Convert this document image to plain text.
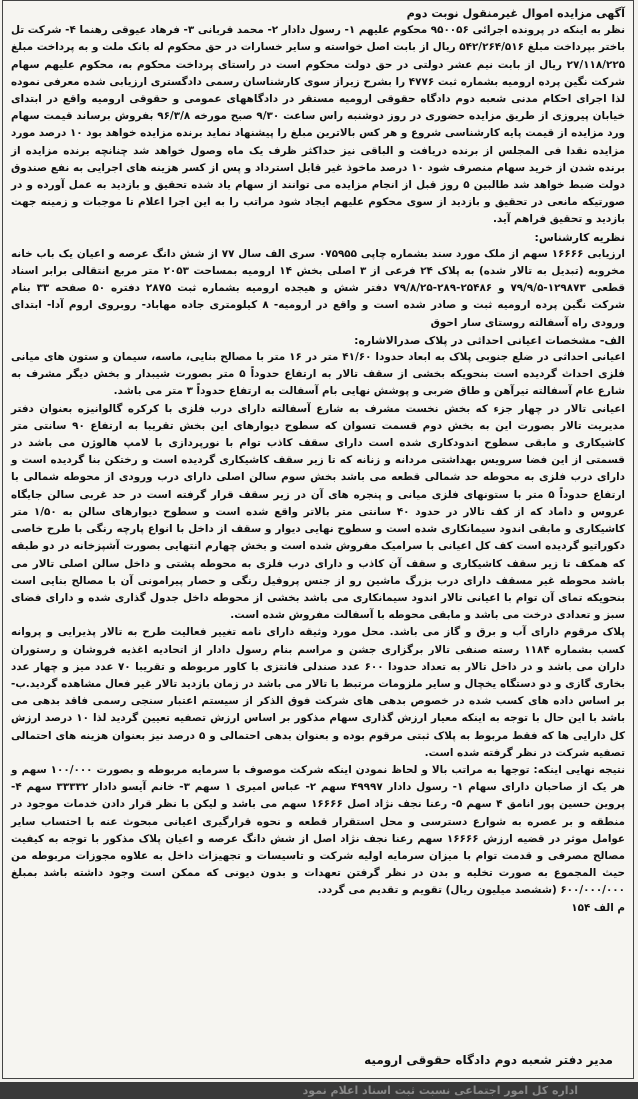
آگهی مزایده اموال غیرمنقول نوبت دوم

نظر به اینکه در پرونده اجرائی ۹۵۰۰۵۶ محکوم علیهم ۱- رسول دادار ۲- محمد قربانی ۳- فرهاد عیوقی رهنما ۴- شرکت تل باختر بپرداخت مبلغ ۵۴۲/۲۶۴/۵۱۶ ریال از بابت اصل خواسته و سایر خسارات در حق محکوم له بانک ملت و به پرداخت مبلغ ۲۷/۱۱۸/۲۲۵ ریال از بابت نیم عشر دولتی در حق دولت محکوم است در راستای پرداخت محکوم به، محکوم علیهم سهام شرکت نگین پرده ارومیه بشماره ثبت ۴۷۷۶ را بشرح زیراز سوی کارشناسان رسمی دادگستری ارزیابی شده معرفی نموده لذا اجرای احکام مدنی شعبه دوم دادگاه حقوقی ارومیه مستقر در دادگاههای عمومی و حقوقی ارومیه واقع در ابتدای خیابان پیروزی از طریق مزایده حضوری در روز دوشنبه راس ساعت ۹/۳۰ صبح مورخه ۹۶/۳/۸ بفروش برساند قیمت سهام ورد مزایده از قیمت پایه کارشناسی شروع و هر کس بالاترین مبلغ را پیشنهاد نماید برنده مزایده خواهد بود ۱۰ درصد مورد مزایده نقدا فی المجلس از برنده دریافت و الباقی نیز حداکثر ظرف یک ماه وصول خواهد شد چنانچه برنده مزایده از برنده شدن از خرید سهام منصرف شود ۱۰ درصد ماخوذ غیر قابل استرداد و پس از کسر هزینه های اجرایی به نفع صندوق دولت ضبط خواهد شد طالبین ۵ روز قبل از انجام مزایده می توانند از سهام یاد شده تحقیق و بازدید به عمل آورده و در صورتیکه مانعی در تحقیق و بازدید از سوی محکوم علیهم ایجاد شود مراتب را به این اجرا اعلام تا موجبات و زمینه جهت بازدید و تحقیق فراهم آید.

نظریه کارشناس:

ارزیابی ۱۶۶۶۶ سهم از ملک مورد سند بشماره چاپی ۰۷۵۹۵۵ سری الف سال ۷۷ از شش دانگ عرصه و اعیان یک باب خانه مخروبه (تبدیل به تالار شده) به پلاک ۲۴ فرعی از ۳ اصلی بخش ۱۴ ارومیه بمساحت ۲۰۵۳ متر مربع انتقالی برابر اسناد قطعی ۱۲۹۸۷۳-۷۹/۹/۵ و ۲۵۴۸۶-۲۸۹-۷۹/۸/۲۵ دفتر شش و هیجده ارومیه بشماره ثبت ۲۸۷۵ دفتره ۵۰ صفحه ۳۳ بنام شرکت نگین پرده ارومیه ثبت و صادر شده است و واقع در ارومیه- ۸ کیلومتری جاده مهاباد- روبروی اروم آدا- ابتدای ورودی راه آسفالته روستای سار احوق

الف- مشخصات اعیانی احداثی در پلاک صدرالاشاره:

اعیانی احداثی در ضلع جنوبی پلاک به ابعاد حدودا ۴۱/۶۰ متر در ۱۶ متر با مصالح بنایی، ماسه، سیمان و ستون های میانی فلزی احداث گردیده است بنحویکه بخشی از سقف تالار به ارتفاع حدوداً ۵ متر بصورت شیبدار و بخش دیگر مشرف به شارع عام آسفالته تیرآهن و طاق ضربی و پوشش نهایی بام آسفالت به ارتفاع حدوداً ۳ متر می باشد.

اعیانی تالار در چهار جزء که بخش نخست مشرف به شارع آسفالته دارای درب فلزی با کرکره گالوانیزه بعنوان دفتر مدیریت تالار بصورت این به بخش دوم قسمت تسوان که سطوح دیوارهای این بخش تقریبا به ارتفاع ۹۰ سانتی متر کاشیکاری و مابقی سطوح اندودکاری شده است دارای سقف کاذب توام با نورپردازی با لامپ هالوژن می باشد در قسمتی از این فضا سرویس بهداشتی مردانه و زنانه که تا زیر سقف کاشیکاری گردیده است و رختکن بنا گردیده است و دارای درب فلزی به محوطه حد شمالی قطعه می باشد بخش سوم سالن اصلی دارای درب ورودی از محوطه شمالی با ارتفاع حدوداً ۵ متر با ستونهای فلزی میانی و پنجره های آن در زیر سقف قرار گرفته است در حد غربی سالن جایگاه عروس و داماد که از کف تالار در حدود ۴۰ سانتی متر بالاتر واقع شده است و سطوح دیوارهای سالن به ۱/۵۰ متر کاشیکاری و مابقی اندود سیمانکاری شده است و سطوح نهایی دیوار و سقف از داخل با انواع پارچه رنگی با طرح خاصی دکوراتیو گردیده است کف کل اعیانی با سرامیک مفروش شده است و بخش چهارم انتهایی بصورت آشپزخانه در دو طبقه که همکف تا زیر سقف کاشیکاری و سقف آن کاذب و دارای درب فلزی به محوطه پشتی و داخل سالن اصلی تالار می باشد محوطه غیر مسقف دارای درب بزرگ ماشین رو از جنس پروفیل رنگی و حصار پیرامونی آن با مصالح بنایی است بنحویکه تمای آن توام با اعیانی تالار اندود سیمانکاری می باشد بخشی از محوطه داخل جدول گذاری شده و دارای فضای سبز و تعدادی درخت می باشد و مابقی محوطه با آسفالت مفروش شده است.

پلاک مرقوم دارای آب و برق و گاز می باشد. محل مورد وثیقه دارای نامه تغییر فعالیت طرح به تالار پذیرایی و پروانه کسب بشماره ۱۱۸۴ رسته صنفی تالار برگزاری جشن و مراسم بنام رسول دادار از اتحادیه اغذیه فروشان و رستوران داران می باشد و در داخل تالار به تعداد حدودا ۶۰۰ عدد صندلی فانتزی با کاور مربوطه و تقریبا ۷۰ عدد میز و چهار عدد بخاری گازی و دو دستگاه یخچال و سایر ملزومات مرتبط با تالار می باشد در زمان بازدید تالار غیر فعال مشاهده گردید.ب- بر اساس داده های کسب شده در خصوص بدهی های شرکت فوق الذکر از سیستم اعتبار سنجی رسمی فاقد بدهی می باشد با این حال با توجه به اینکه معیار ارزش گذاری سهام مذکور بر اساس ارزش تصفیه تعیین گردید لذا ۱۰ درصد ارزش کل دارایی ها که فقط مربوط به پلاک ثبتی مرقوم بوده و بعنوان بدهی احتمالی و ۵ درصد نیز بعنوان هزینه های احتمالی تصفیه شرکت در نظر گرفته شده است.

نتیجه نهایی اینکه: توجها به مراتب بالا و لحاظ نمودن اینکه شرکت موصوف با سرمایه مربوطه و بصورت ۱۰۰/۰۰۰ سهم و هر یک از صاحبان دارای سهام ۱- رسول دادار ۴۹۹۹۷ سهم ۲- عباس امیری ۱ سهم ۳- خانم آیسو دادار ۳۳۳۳۲ سهم ۴- پروین حسین پور انامق ۴ سهم ۵- رعنا نجف نژاد اصل ۱۶۶۶۶ سهم می باشد و لیکن با نظر قرار دادن خدمات موجود در منطقه و بر عصره به شوارع دسترسی و محل استقرار قطعه و نحوه قرارگیری اعیانی مبحوث عنه با احتساب سایر عوامل موثر در قضیه ارزش ۱۶۶۶۶ سهم رعنا نجف نژاد اصل از شش دانگ عرصه و اعیان پلاک مذکور با توجه به کیفیت مصالح مصرفی و قدمت توام با میزان سرمایه اولیه شرکت و تاسیسات و تجهیزات داخل به علاوه مجوزات مربوطه من حیث المجموع به صورت تخلیه و بدن در نظر گرفتن تعهدات و بدون دیونی که ممکن است وجود داشته باشد بمبلغ ۶۰۰/۰۰۰/۰۰۰ (ششصد میلیون ریال) تقویم و تقدیم می گردد.

م الف ۱۵۴

مدیر دفتر شعبه دوم دادگاه حقوقی ارومیه
اداره کل امور اجتماعی نسبت ثبت اسناد اعلام نمود
